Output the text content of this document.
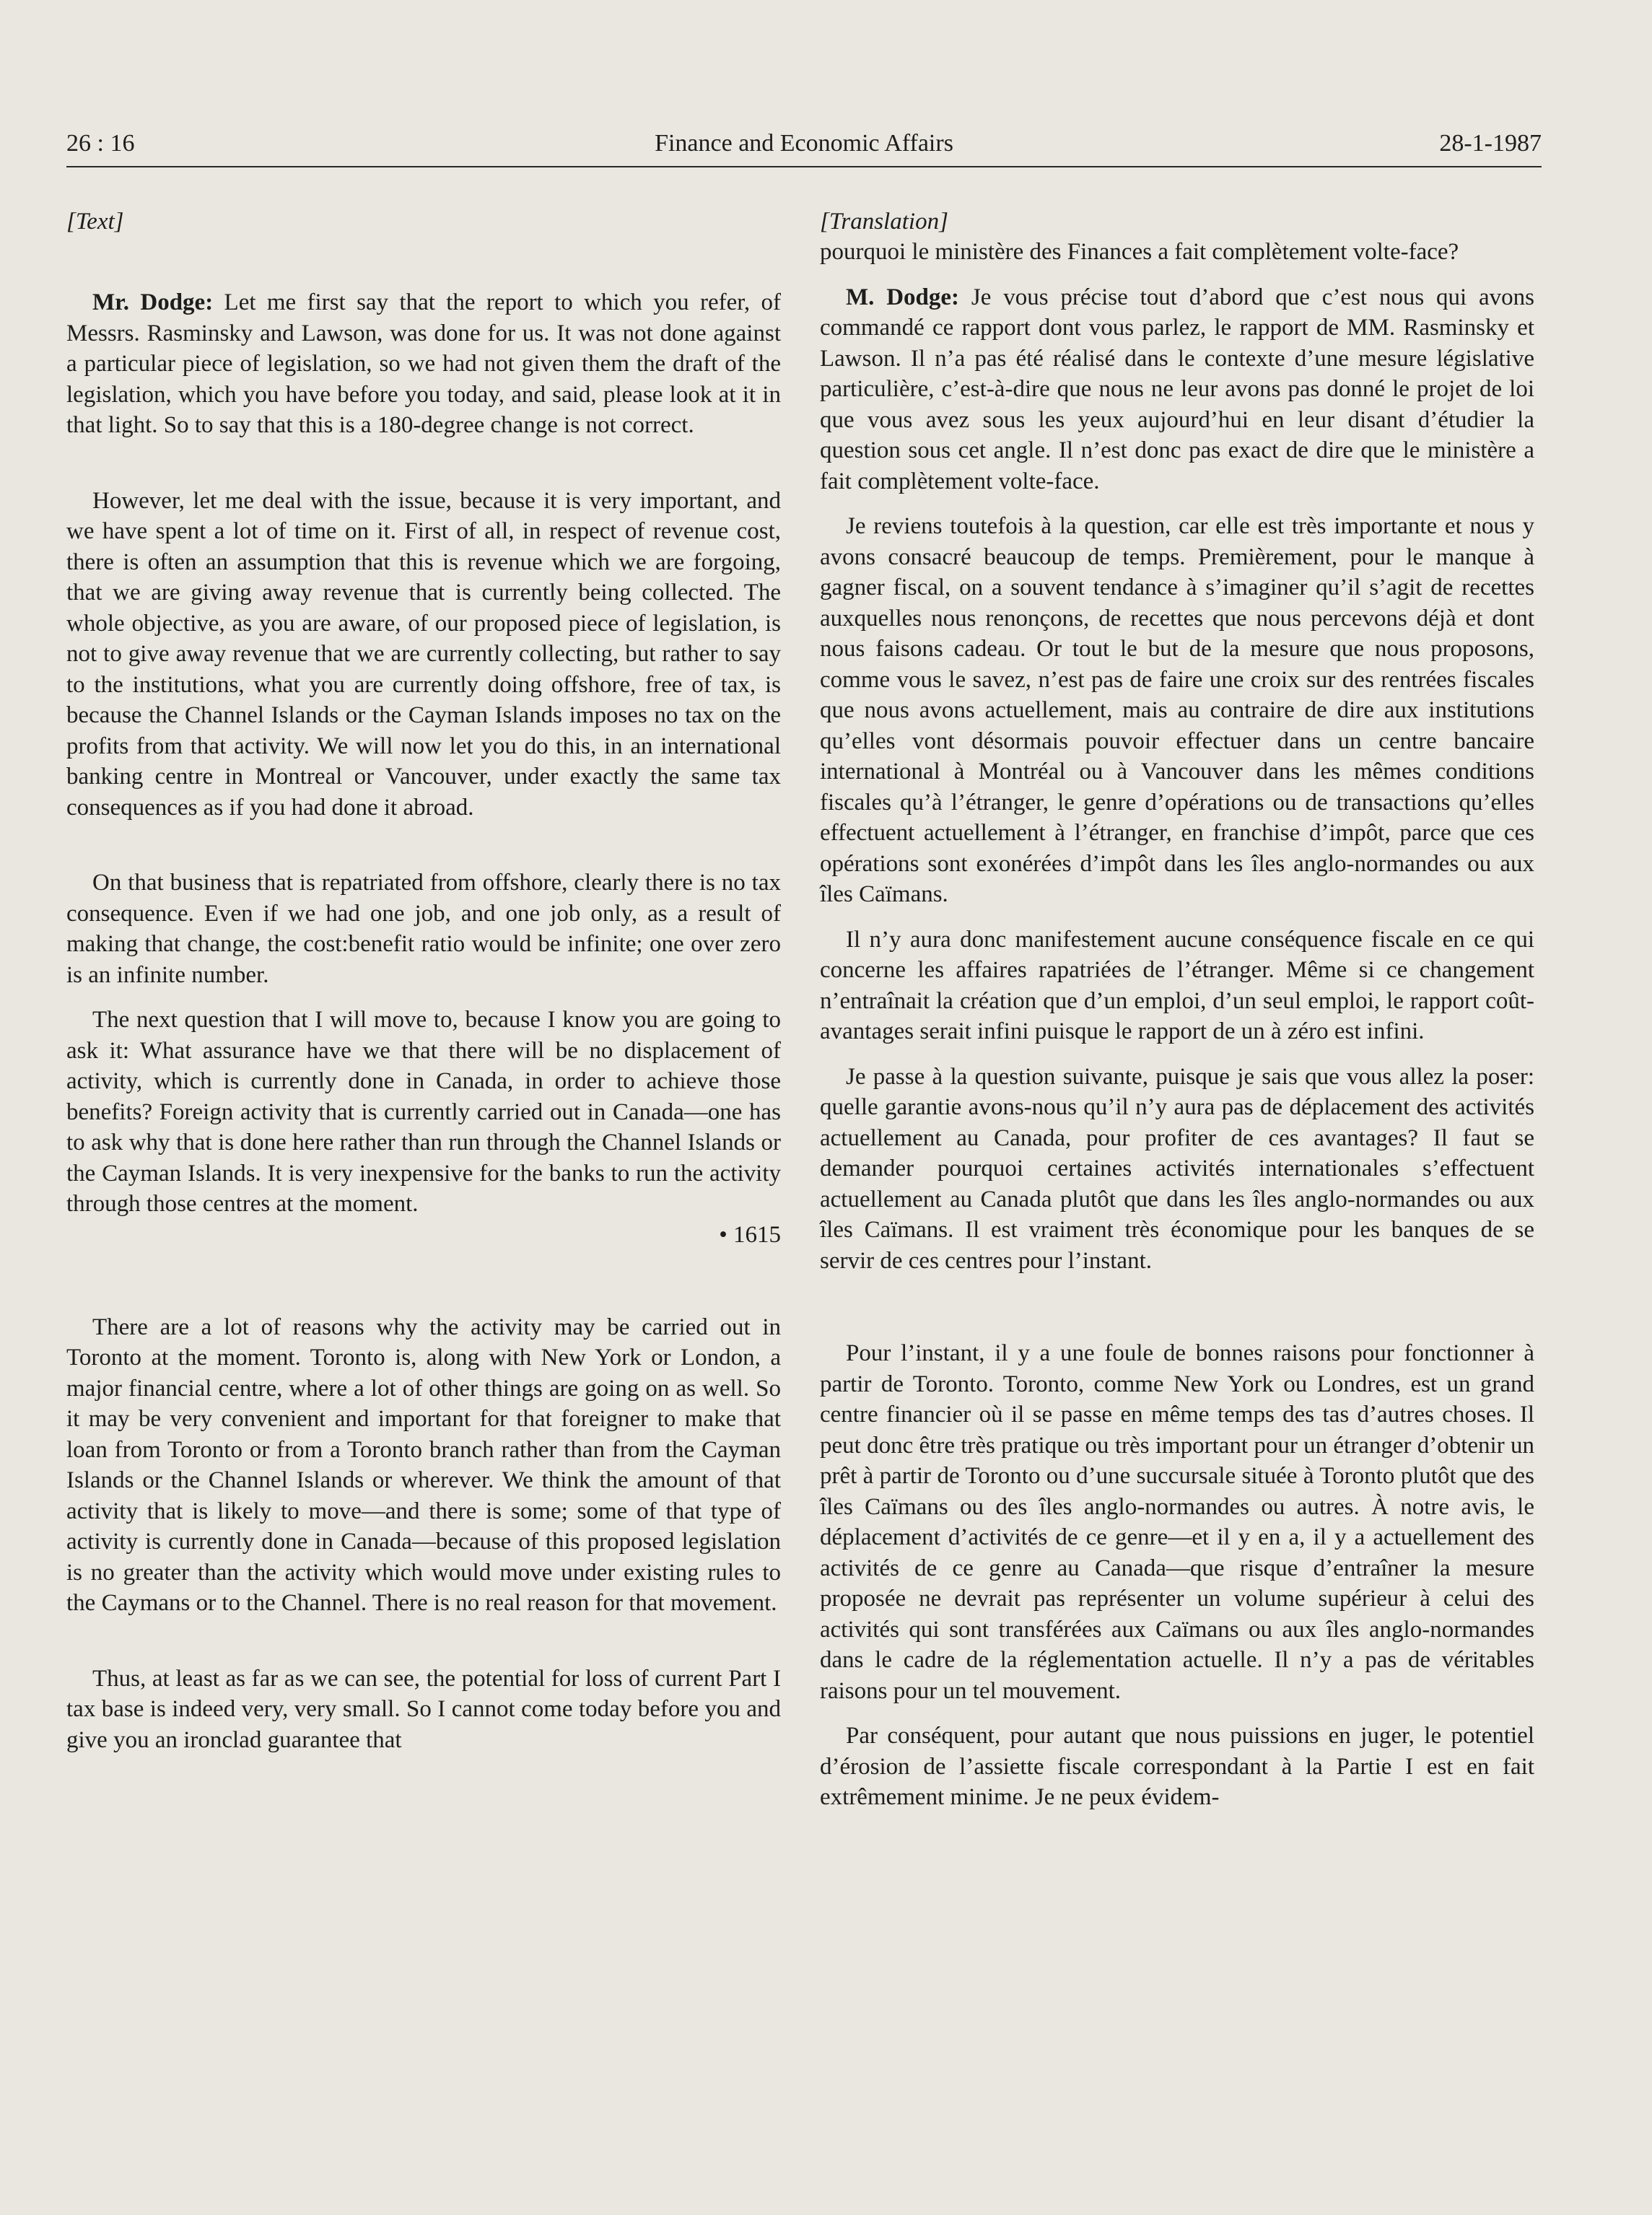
26 : 16	Finance and Economic Affairs	28-1-1987

[Text]

Mr. Dodge: Let me first say that the report to which you refer, of Messrs. Rasminsky and Lawson, was done for us. It was not done against a particular piece of legislation, so we had not given them the draft of the legislation, which you have before you today, and said, please look at it in that light. So to say that this is a 180-degree change is not correct.

However, let me deal with the issue, because it is very important, and we have spent a lot of time on it. First of all, in respect of revenue cost, there is often an assumption that this is revenue which we are forgoing, that we are giving away revenue that is currently being collected. The whole objective, as you are aware, of our proposed piece of legislation, is not to give away revenue that we are currently collecting, but rather to say to the institutions, what you are currently doing offshore, free of tax, is because the Channel Islands or the Cayman Islands imposes no tax on the profits from that activity. We will now let you do this, in an international banking centre in Montreal or Vancouver, under exactly the same tax consequences as if you had done it abroad.

On that business that is repatriated from offshore, clearly there is no tax consequence. Even if we had one job, and one job only, as a result of making that change, the cost:benefit ratio would be infinite; one over zero is an infinite number.

The next question that I will move to, because I know you are going to ask it: What assurance have we that there will be no displacement of activity, which is currently done in Canada, in order to achieve those benefits? Foreign activity that is currently carried out in Canada—one has to ask why that is done here rather than run through the Channel Islands or the Cayman Islands. It is very inexpensive for the banks to run the activity through those centres at the moment.

• 1615

There are a lot of reasons why the activity may be carried out in Toronto at the moment. Toronto is, along with New York or London, a major financial centre, where a lot of other things are going on as well. So it may be very convenient and important for that foreigner to make that loan from Toronto or from a Toronto branch rather than from the Cayman Islands or the Channel Islands or wherever. We think the amount of that activity that is likely to move—and there is some; some of that type of activity is currently done in Canada—because of this proposed legislation is no greater than the activity which would move under existing rules to the Caymans or to the Channel. There is no real reason for that movement.

Thus, at least as far as we can see, the potential for loss of current Part I tax base is indeed very, very small. So I cannot come today before you and give you an ironclad guarantee that

[Translation]

pourquoi le ministère des Finances a fait complètement volte-face?

M. Dodge: Je vous précise tout d’abord que c’est nous qui avons commandé ce rapport dont vous parlez, le rapport de MM. Rasminsky et Lawson. Il n’a pas été réalisé dans le contexte d’une mesure législative particulière, c’est-à-dire que nous ne leur avons pas donné le projet de loi que vous avez sous les yeux aujourd’hui en leur disant d’étudier la question sous cet angle. Il n’est donc pas exact de dire que le ministère a fait complètement volte-face.

Je reviens toutefois à la question, car elle est très importante et nous y avons consacré beaucoup de temps. Premièrement, pour le manque à gagner fiscal, on a souvent tendance à s’imaginer qu’il s’agit de recettes auxquelles nous renonçons, de recettes que nous percevons déjà et dont nous faisons cadeau. Or tout le but de la mesure que nous proposons, comme vous le savez, n’est pas de faire une croix sur des rentrées fiscales que nous avons actuellement, mais au contraire de dire aux institutions qu’elles vont désormais pouvoir effectuer dans un centre bancaire international à Montréal ou à Vancouver dans les mêmes conditions fiscales qu’à l’étranger, le genre d’opérations ou de transactions qu’elles effectuent actuellement à l’étranger, en franchise d’impôt, parce que ces opérations sont exonérées d’impôt dans les îles anglo-normandes ou aux îles Caïmans.

Il n’y aura donc manifestement aucune conséquence fiscale en ce qui concerne les affaires rapatriées de l’étranger. Même si ce changement n’entraînait la création que d’un emploi, d’un seul emploi, le rapport coût-avantages serait infini puisque le rapport de un à zéro est infini.

Je passe à la question suivante, puisque je sais que vous allez la poser: quelle garantie avons-nous qu’il n’y aura pas de déplacement des activités actuellement au Canada, pour profiter de ces avantages? Il faut se demander pourquoi certaines activités internationales s’effectuent actuellement au Canada plutôt que dans les îles anglo-normandes ou aux îles Caïmans. Il est vraiment très économique pour les banques de se servir de ces centres pour l’instant.

Pour l’instant, il y a une foule de bonnes raisons pour fonctionner à partir de Toronto. Toronto, comme New York ou Londres, est un grand centre financier où il se passe en même temps des tas d’autres choses. Il peut donc être très pratique ou très important pour un étranger d’obtenir un prêt à partir de Toronto ou d’une succursale située à Toronto plutôt que des îles Caïmans ou des îles anglo-normandes ou autres. À notre avis, le déplacement d’activités de ce genre—et il y en a, il y a actuellement des activités de ce genre au Canada—que risque d’entraîner la mesure proposée ne devrait pas représenter un volume supérieur à celui des activités qui sont transférées aux Caïmans ou aux îles anglo-normandes dans le cadre de la réglementation actuelle. Il n’y a pas de véritables raisons pour un tel mouvement.

Par conséquent, pour autant que nous puissions en juger, le potentiel d’érosion de l’assiette fiscale correspondant à la Partie I est en fait extrêmement minime. Je ne peux évidem-
